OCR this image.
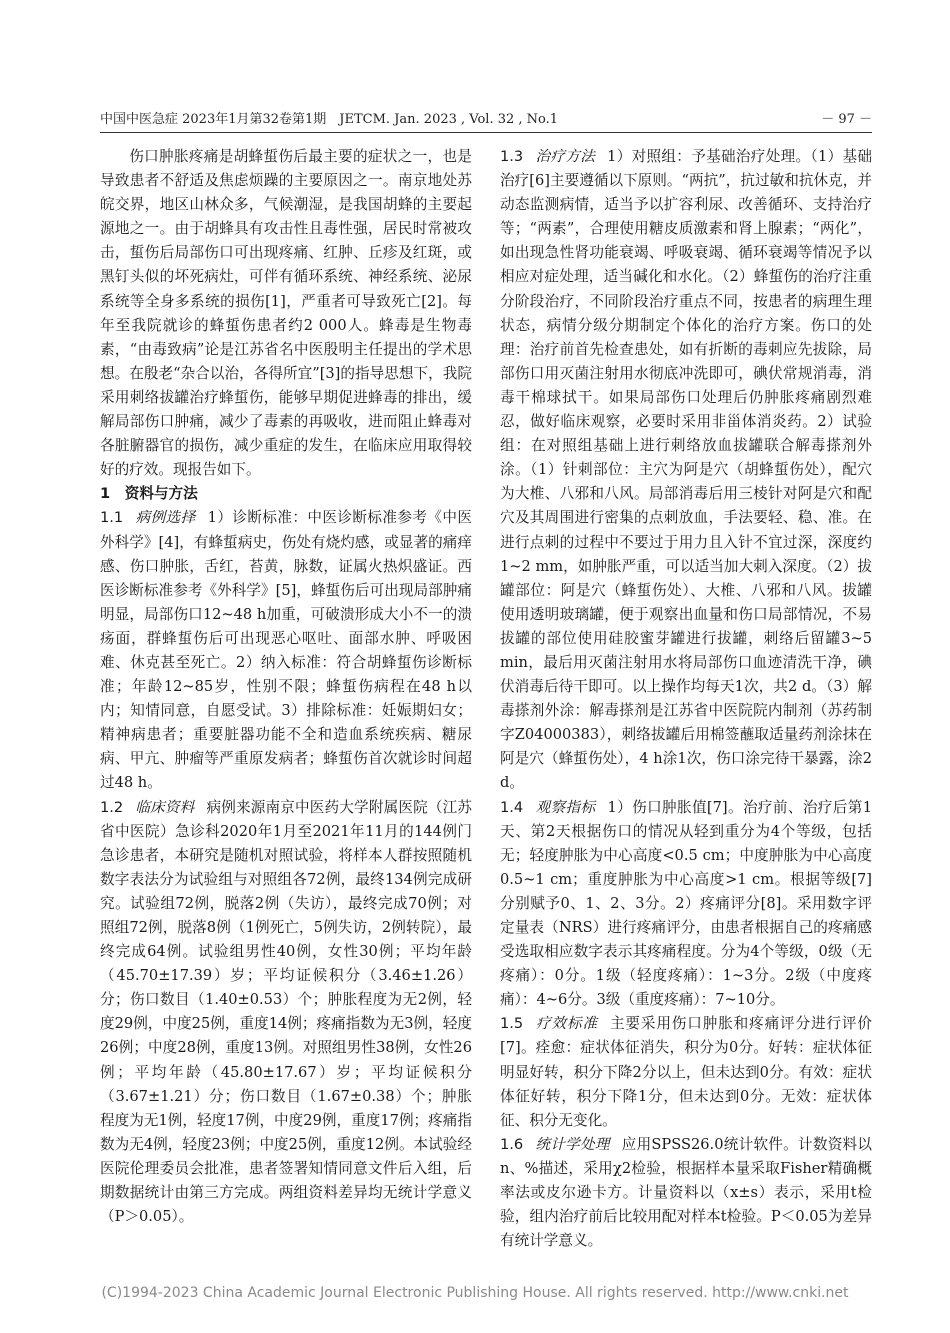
中国中医急症 2023年1月第32卷第1期　JETCM. Jan. 2023 , Vol. 32 , No.1	－ 97 －

伤口肿胀疼痛是胡蜂蜇伤后最主要的症状之一，也是导致患者不舒适及焦虑烦躁的主要原因之一。南京地处苏皖交界，地区山林众多，气候潮湿，是我国胡蜂的主要起源地之一。由于胡蜂具有攻击性且毒性强，居民时常被攻击，蜇伤后局部伤口可出现疼痛、红肿、丘疹及红斑，或黑钉头似的坏死病灶，可伴有循环系统、神经系统、泌尿系统等全身多系统的损伤[1]，严重者可导致死亡[2]。每年至我院就诊的蜂蜇伤患者约2 000人。蜂毒是生物毒素，“由毒致病”论是江苏省名中医殷明主任提出的学术思想。在殷老“杂合以治，各得所宜”[3]的指导思想下，我院采用刺络拔罐治疗蜂蜇伤，能够早期促进蜂毒的排出，缓解局部伤口肿痛，减少了毒素的再吸收，进而阻止蜂毒对各脏腑器官的损伤，减少重症的发生，在临床应用取得较好的疗效。现报告如下。

1　资料与方法

1.1 病例选择 1）诊断标准：中医诊断标准参考《中医外科学》[4]，有蜂蜇病史，伤处有烧灼感，或显著的痛痒感、伤口肿胀，舌红，苔黄，脉数，证属火热炽盛证。西医诊断标准参考《外科学》[5]，蜂蜇伤后可出现局部肿痛明显，局部伤口12~48 h加重，可破溃形成大小不一的溃疡面，群蜂蜇伤后可出现恶心呕吐、面部水肿、呼吸困难、休克甚至死亡。2）纳入标准：符合胡蜂蜇伤诊断标准；年龄12~85岁，性别不限；蜂蜇伤病程在48 h以内；知情同意，自愿受试。3）排除标准：妊娠期妇女；精神病患者；重要脏器功能不全和造血系统疾病、糖尿病、甲亢、肿瘤等严重原发病者；蜂蜇伤首次就诊时间超过48 h。

1.2 临床资料 病例来源南京中医药大学附属医院（江苏省中医院）急诊科2020年1月至2021年11月的144例门急诊患者，本研究是随机对照试验，将样本人群按照随机数字表法分为试验组与对照组各72例，最终134例完成研究。试验组72例，脱落2例（失访），最终完成70例；对照组72例，脱落8例（1例死亡，5例失访，2例转院），最终完成64例。试验组男性40例，女性30例；平均年龄（45.70±17.39）岁；平均证候积分（3.46±1.26）分；伤口数目（1.40±0.53）个；肿胀程度为无2例，轻度29例，中度25例，重度14例；疼痛指数为无3例，轻度26例；中度28例，重度13例。对照组男性38例，女性26例；平均年龄（45.80±17.67）岁；平均证候积分（3.67±1.21）分；伤口数目（1.67±0.38）个；肿胀程度为无1例，轻度17例，中度29例，重度17例；疼痛指数为无4例，轻度23例；中度25例，重度12例。本试验经医院伦理委员会批准，患者签署知情同意文件后入组，后期数据统计由第三方完成。两组资料差异均无统计学意义（P＞0.05）。

1.3 治疗方法 1）对照组：予基础治疗处理。（1）基础治疗[6]主要遵循以下原则。“两抗”，抗过敏和抗休克，并动态监测病情，适当予以扩容利尿、改善循环、支持治疗等；“两素”，合理使用糖皮质激素和肾上腺素；“两化”，如出现急性肾功能衰竭、呼吸衰竭、循环衰竭等情况予以相应对症处理，适当碱化和水化。（2）蜂蜇伤的治疗注重分阶段治疗，不同阶段治疗重点不同，按患者的病理生理状态，病情分级分期制定个体化的治疗方案。伤口的处理：治疗前首先检查患处，如有折断的毒刺应先拔除，局部伤口用灭菌注射用水彻底冲洗即可，碘伏常规消毒，消毒干棉球拭干。如果局部伤口处理后仍肿胀疼痛剧烈难忍，做好临床观察，必要时采用非甾体消炎药。2）试验组：在对照组基础上进行刺络放血拔罐联合解毒搽剂外涂。（1）针刺部位：主穴为阿是穴（胡蜂蜇伤处），配穴为大椎、八邪和八风。局部消毒后用三棱针对阿是穴和配穴及其周围进行密集的点刺放血，手法要轻、稳、准。在进行点刺的过程中不要过于用力且入针不宜过深，深度约1~2 mm，如肿胀严重，可以适当加大刺入深度。（2）拔罐部位：阿是穴（蜂蜇伤处）、大椎、八邪和八风。拔罐使用透明玻璃罐，便于观察出血量和伤口局部情况，不易拔罐的部位使用硅胶蜜芽罐进行拔罐，刺络后留罐3~5 min，最后用灭菌注射用水将局部伤口血迹清洗干净，碘伏消毒后待干即可。以上操作均每天1次，共2 d。（3）解毒搽剂外涂：解毒搽剂是江苏省中医院院内制剂（苏药制字Z04000383），刺络拔罐后用棉签蘸取适量药剂涂抹在阿是穴（蜂蜇伤处），4 h涂1次，伤口涂完待干暴露，涂2 d。

1.4 观察指标 1）伤口肿胀值[7]。治疗前、治疗后第1天、第2天根据伤口的情况从轻到重分为4个等级，包括无；轻度肿胀为中心高度<0.5 cm；中度肿胀为中心高度0.5~1 cm；重度肿胀为中心高度>1 cm。根据等级[7]分别赋予0、1、2、3分。2）疼痛评分[8]。采用数字评定量表（NRS）进行疼痛评分，由患者根据自己的疼痛感受选取相应数字表示其疼痛程度。分为4个等级，0级（无疼痛）：0分。1级（轻度疼痛）：1~3分。2级（中度疼痛）：4~6分。3级（重度疼痛）：7~10分。

1.5 疗效标准 主要采用伤口肿胀和疼痛评分进行评价[7]。痊愈：症状体征消失，积分为0分。好转：症状体征明显好转，积分下降2分以上，但未达到0分。有效：症状体征好转，积分下降1分，但未达到0分。无效：症状体征、积分无变化。

1.6 统计学处理 应用SPSS26.0统计软件。计数资料以n、%描述，采用χ2检验，根据样本量采取Fisher精确概率法或皮尔逊卡方。计量资料以（x±s）表示，采用t检验，组内治疗前后比较用配对样本t检验。P＜0.05为差异有统计学意义。

(C)1994-2023 China Academic Journal Electronic Publishing House. All rights reserved. http://www.cnki.net
